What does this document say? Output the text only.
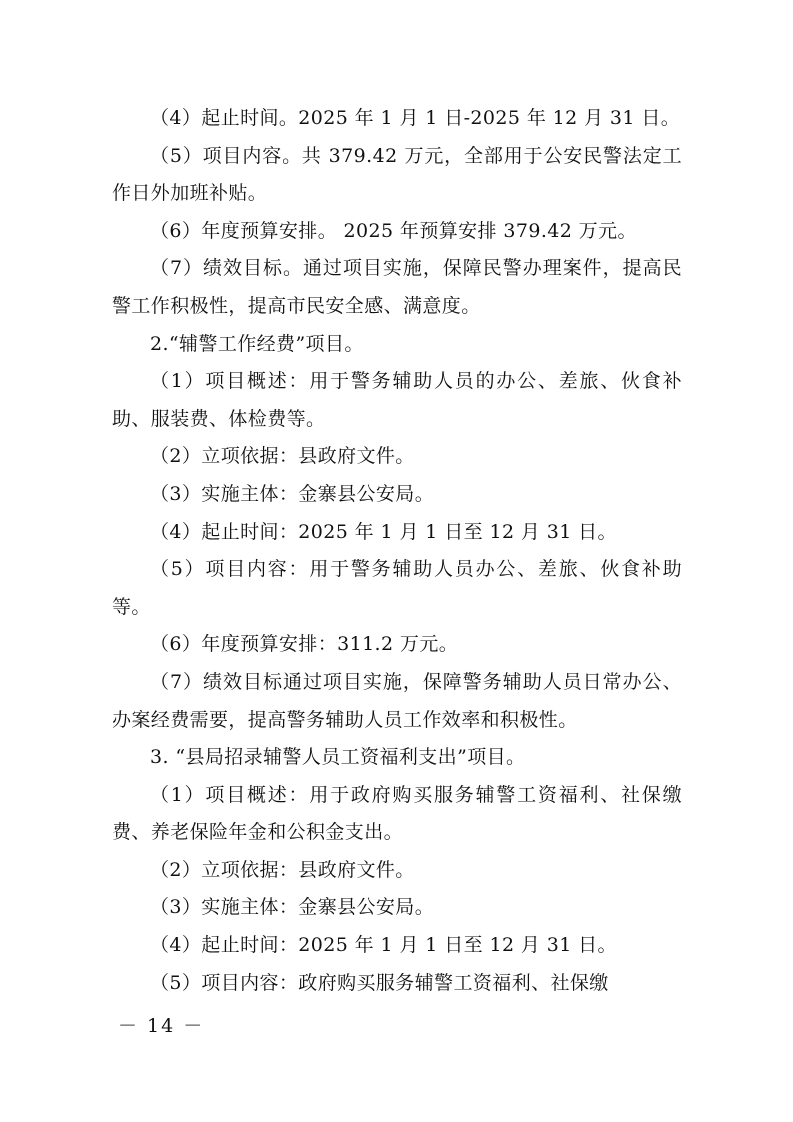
（4）起止时间。2025 年 1 月 1 日-2025 年 12 月 31 日。

（5）项目内容。共 379.42 万元，全部用于公安民警法定工作日外加班补贴。

（6）年度预算安排。 2025 年预算安排 379.42 万元。

（7）绩效目标。通过项目实施，保障民警办理案件，提高民警工作积极性，提高市民安全感、满意度。

2.“辅警工作经费”项目。

（1）项目概述：用于警务辅助人员的办公、差旅、伙食补助、服装费、体检费等。

（2）立项依据：县政府文件。

（3）实施主体：金寨县公安局。

（4）起止时间：2025 年 1 月 1 日至 12 月 31 日。

（5）项目内容：用于警务辅助人员办公、差旅、伙食补助等。

（6）年度预算安排：311.2 万元。

（7）绩效目标通过项目实施，保障警务辅助人员日常办公、办案经费需要，提高警务辅助人员工作效率和积极性。

3. “县局招录辅警人员工资福利支出”项目。

（1）项目概述：用于政府购买服务辅警工资福利、社保缴费、养老保险年金和公积金支出。

（2）立项依据：县政府文件。

（3）实施主体：金寨县公安局。

（4）起止时间：2025 年 1 月 1 日至 12 月 31 日。

（5）项目内容：政府购买服务辅警工资福利、社保缴

－ 14 －
